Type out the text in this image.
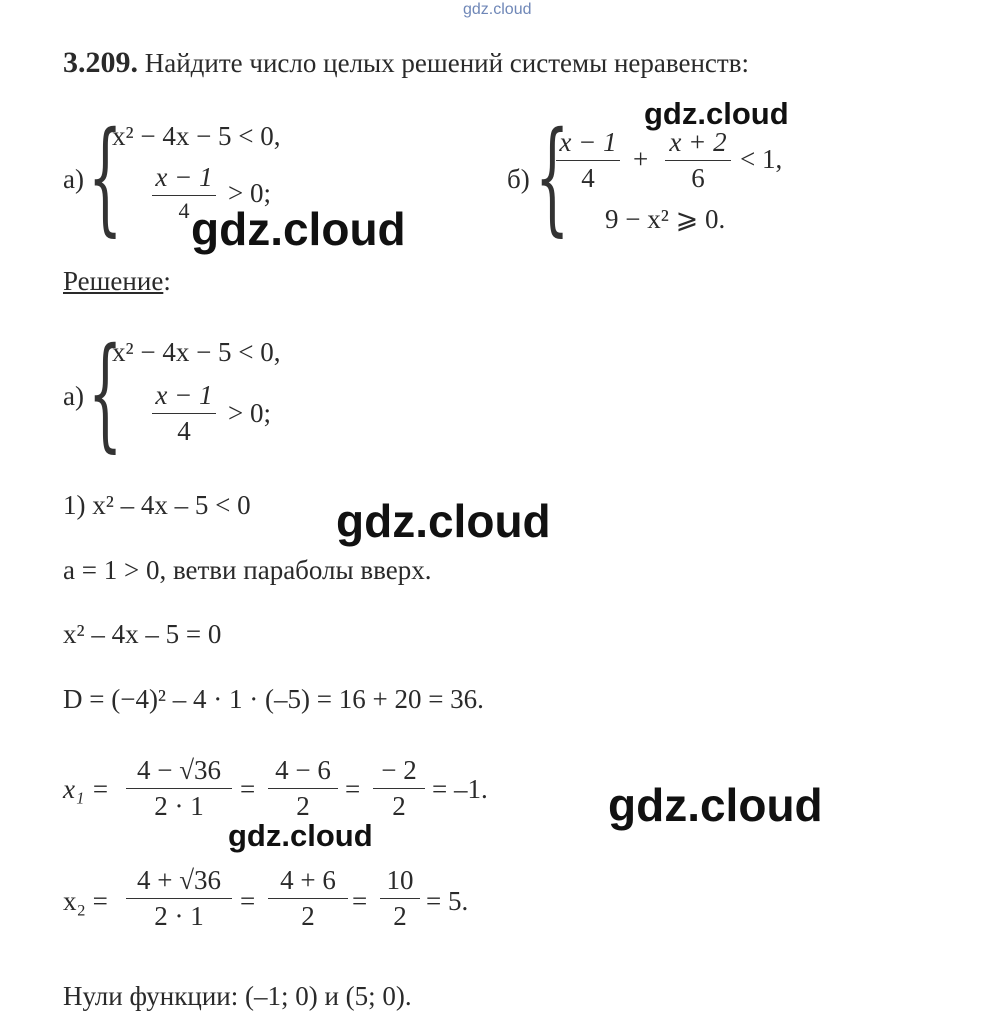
gdz.cloud
3.209. Найдите число целых решений системы неравенств:
а) {
x² − 4x − 5 < 0,
x − 1
4
> 0;	б) {
x − 1
4
+
x + 2
6
< 1,
9 − x² ⩾ 0.
gdz.cloud
gdz.cloud
Решение:
а) {
x² − 4x − 5 < 0,
x − 1
4
> 0;
1) x² – 4x – 5 < 0 gdz.cloud
a = 1 > 0, ветви параболы вверх.
x² – 4x – 5 = 0
D = (−4)² – 4 · 1 · (–5) = 16 + 20 = 36.
x₁ =
4 − √36
2 · 1
=
4 − 6
2
=
− 2
2
= –1.	gdz.cloud
gdz.cloud
x₂ =
4 + √36
2 · 1	=
4 + 6
2	=
10
2 = 5.
Нули функции: (–1; 0) и (5; 0).
